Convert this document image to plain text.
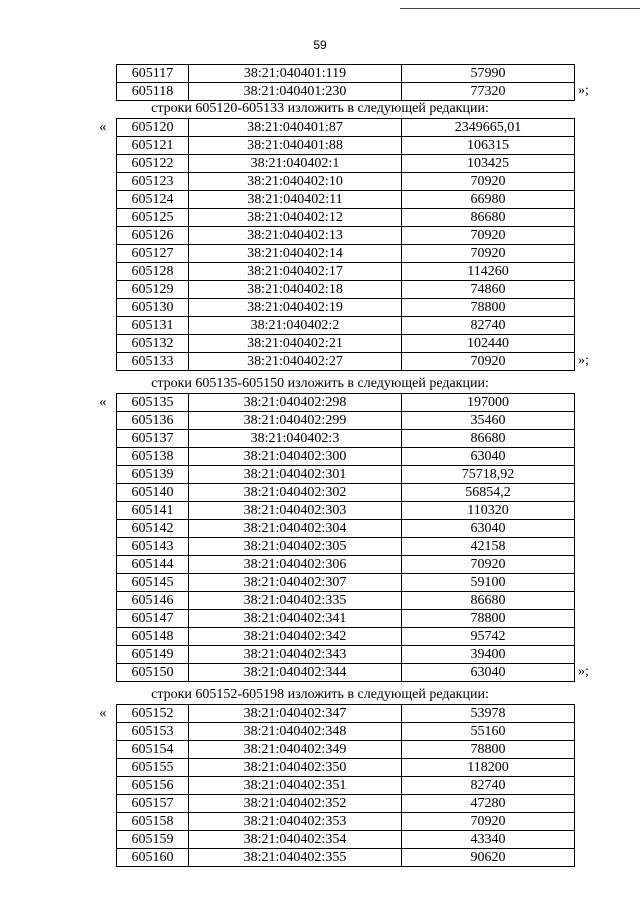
59
605117	38:21:040401:119	57990
605118	38:21:040401:230	77320	»;
строки 605120-605133 изложить в следующей редакции:
« 605120	38:21:040401:87	2349665,01
605121	38:21:040401:88	106315
605122	38:21:040402:1	103425
605123	38:21:040402:10	70920
605124	38:21:040402:11	66980
605125	38:21:040402:12	86680
605126	38:21:040402:13	70920
605127	38:21:040402:14	70920
605128	38:21:040402:17	114260
605129	38:21:040402:18	74860
605130	38:21:040402:19	78800
605131	38:21:040402:2	82740
605132	38:21:040402:21	102440
605133	38:21:040402:27	70920	»;
строки 605135-605150 изложить в следующей редакции:
« 605135	38:21:040402:298	197000
605136	38:21:040402:299	35460
605137	38:21:040402:3	86680
605138	38:21:040402:300	63040
605139	38:21:040402:301	75718,92
605140	38:21:040402:302	56854,2
605141	38:21:040402:303	110320
605142	38:21:040402:304	63040
605143	38:21:040402:305	42158
605144	38:21:040402:306	70920
605145	38:21:040402:307	59100
605146	38:21:040402:335	86680
605147	38:21:040402:341	78800
605148	38:21:040402:342	95742
605149	38:21:040402:343	39400
605150	38:21:040402:344	63040	»;
строки 605152-605198 изложить в следующей редакции:
« 605152	38:21:040402:347	53978
605153	38:21:040402:348	55160
605154	38:21:040402:349	78800
605155	38:21:040402:350	118200
605156	38:21:040402:351	82740
605157	38:21:040402:352	47280
605158	38:21:040402:353	70920
605159	38:21:040402:354	43340
605160	38:21:040402:355	90620
